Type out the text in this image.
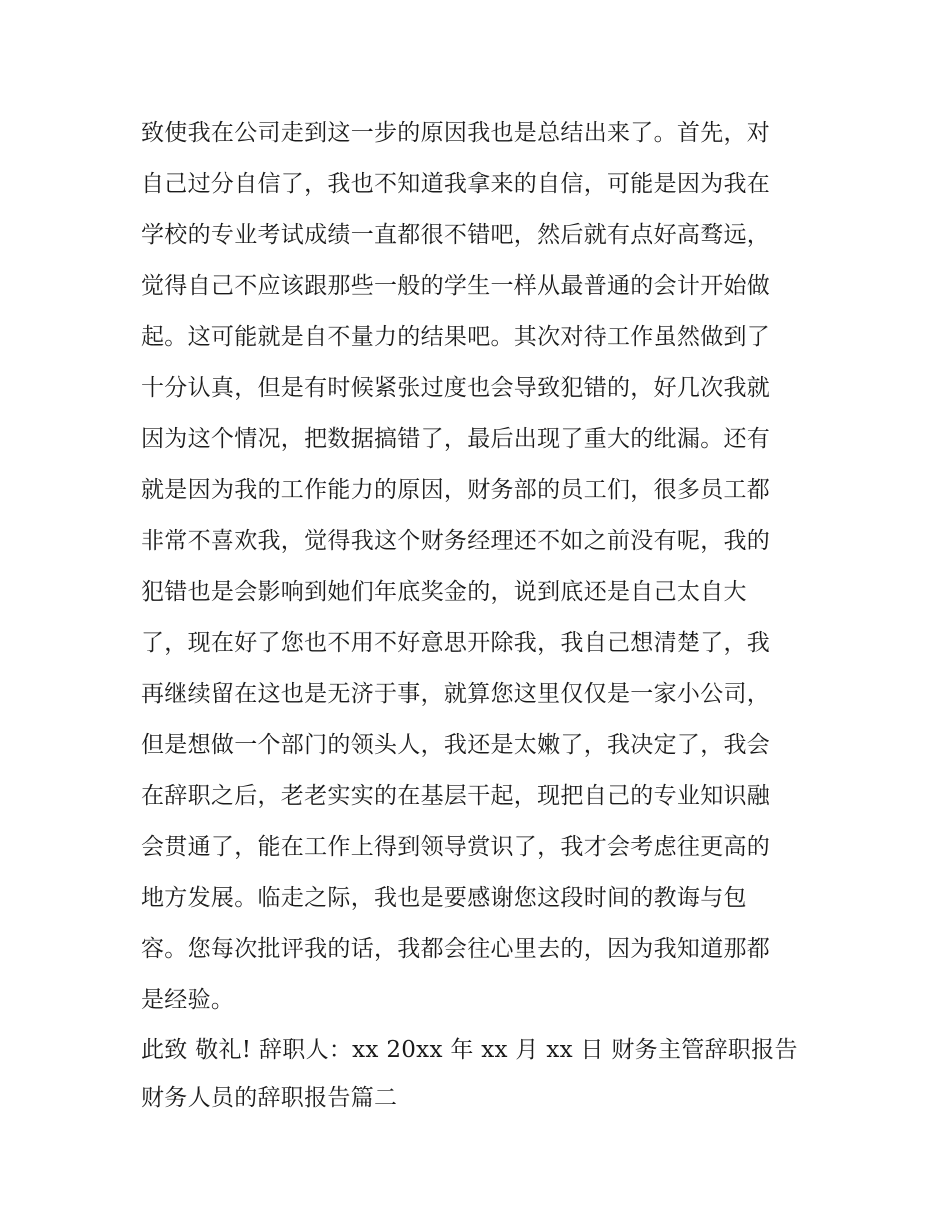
致使我在公司走到这一步的原因我也是总结出来了。首先，对
自己过分自信了，我也不知道我拿来的自信，可能是因为我在
学校的专业考试成绩一直都很不错吧，然后就有点好高骛远，
觉得自己不应该跟那些一般的学生一样从最普通的会计开始做
起。这可能就是自不量力的结果吧。其次对待工作虽然做到了
十分认真，但是有时候紧张过度也会导致犯错的，好几次我就
因为这个情况，把数据搞错了，最后出现了重大的纰漏。还有
就是因为我的工作能力的原因，财务部的员工们，很多员工都
非常不喜欢我，觉得我这个财务经理还不如之前没有呢，我的
犯错也是会影响到她们年底奖金的，说到底还是自己太自大
了，现在好了您也不用不好意思开除我，我自己想清楚了，我
再继续留在这也是无济于事，就算您这里仅仅是一家小公司，
但是想做一个部门的领头人，我还是太嫩了，我决定了，我会
在辞职之后，老老实实的在基层干起，现把自己的专业知识融
会贯通了，能在工作上得到领导赏识了，我才会考虑往更高的
地方发展。临走之际，我也是要感谢您这段时间的教诲与包
容。您每次批评我的话，我都会往心里去的，因为我知道那都
是经验。
此致 敬礼! 辞职人：xx 20xx 年 xx 月 xx 日 财务主管辞职报告
财务人员的辞职报告篇二
